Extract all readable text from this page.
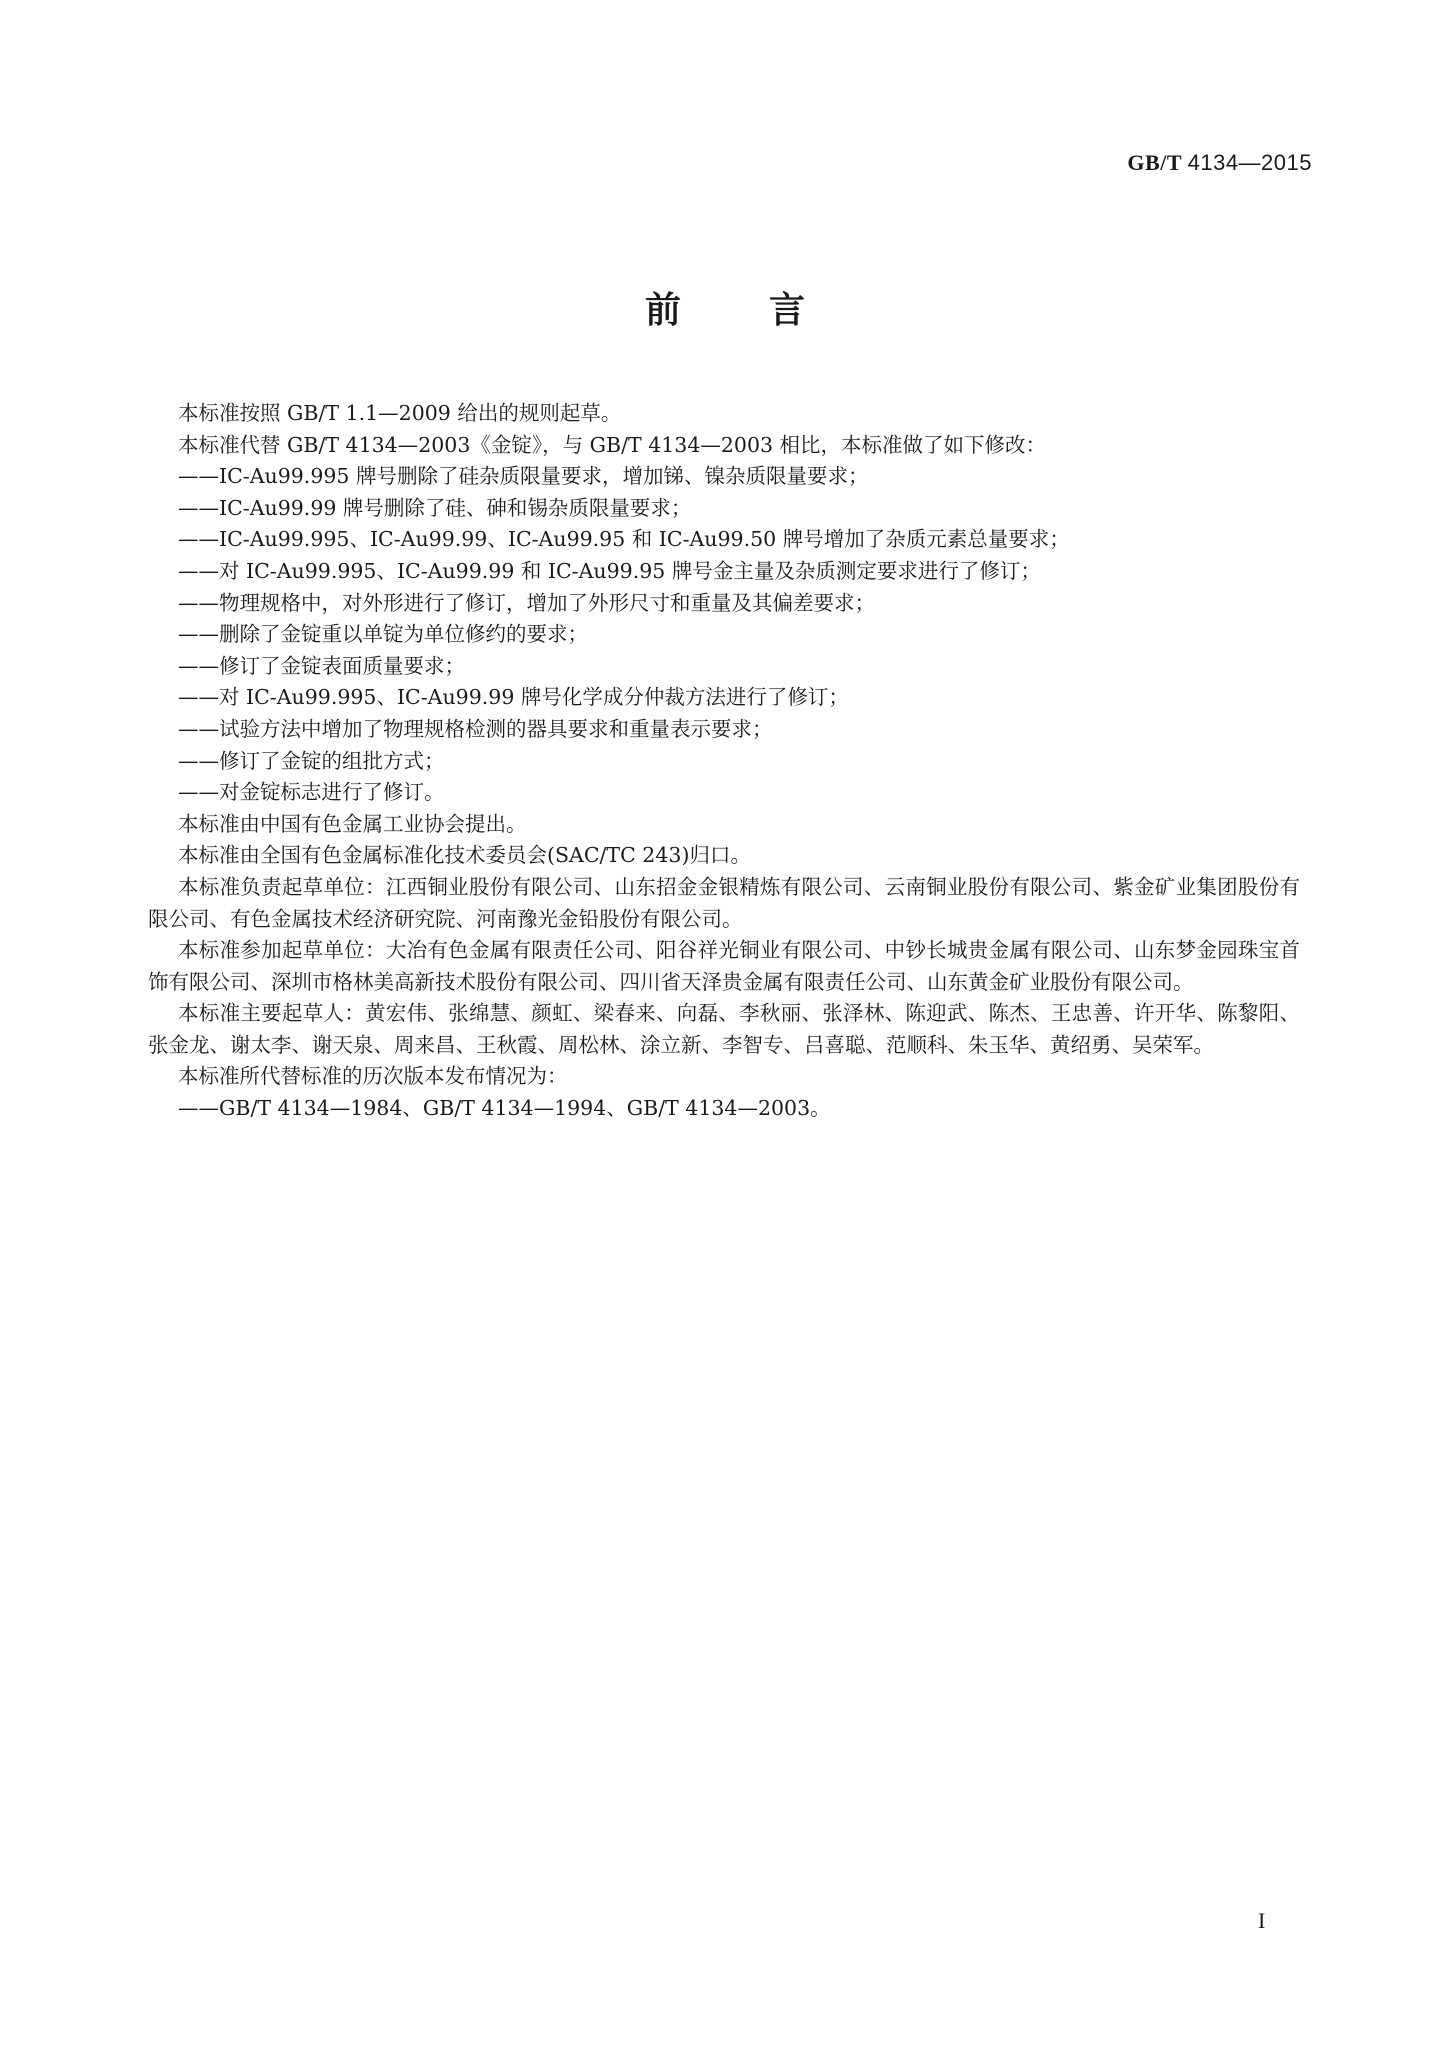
GB/T 4134—2015
前 言

本标准按照 GB/T 1.1—2009 给出的规则起草。

本标准代替 GB/T 4134—2003《金锭》，与 GB/T 4134—2003 相比，本标准做了如下修改：

——IC-Au99.995 牌号删除了硅杂质限量要求，增加锑、镍杂质限量要求；

——IC-Au99.99 牌号删除了硅、砷和锡杂质限量要求；

——IC-Au99.995、IC-Au99.99、IC-Au99.95 和 IC-Au99.50 牌号增加了杂质元素总量要求；

——对 IC-Au99.995、IC-Au99.99 和 IC-Au99.95 牌号金主量及杂质测定要求进行了修订；

——物理规格中，对外形进行了修订，增加了外形尺寸和重量及其偏差要求；

——删除了金锭重以单锭为单位修约的要求；

——修订了金锭表面质量要求；

——对 IC-Au99.995、IC-Au99.99 牌号化学成分仲裁方法进行了修订；

——试验方法中增加了物理规格检测的器具要求和重量表示要求；

——修订了金锭的组批方式；

——对金锭标志进行了修订。

本标准由中国有色金属工业协会提出。

本标准由全国有色金属标准化技术委员会(SAC/TC 243)归口。

本标准负责起草单位：江西铜业股份有限公司、山东招金金银精炼有限公司、云南铜业股份有限公司、紫金矿业集团股份有限公司、有色金属技术经济研究院、河南豫光金铅股份有限公司。

本标准参加起草单位：大冶有色金属有限责任公司、阳谷祥光铜业有限公司、中钞长城贵金属有限公司、山东梦金园珠宝首饰有限公司、深圳市格林美高新技术股份有限公司、四川省天泽贵金属有限责任公司、山东黄金矿业股份有限公司。

本标准主要起草人：黄宏伟、张绵慧、颜虹、梁春来、向磊、李秋丽、张泽林、陈迎武、陈杰、王忠善、许开华、陈黎阳、张金龙、谢太李、谢天泉、周来昌、王秋霞、周松林、涂立新、李智专、吕喜聪、范顺科、朱玉华、黄绍勇、吴荣军。

本标准所代替标准的历次版本发布情况为：

——GB/T 4134—1984、GB/T 4134—1994、GB/T 4134—2003。

I
